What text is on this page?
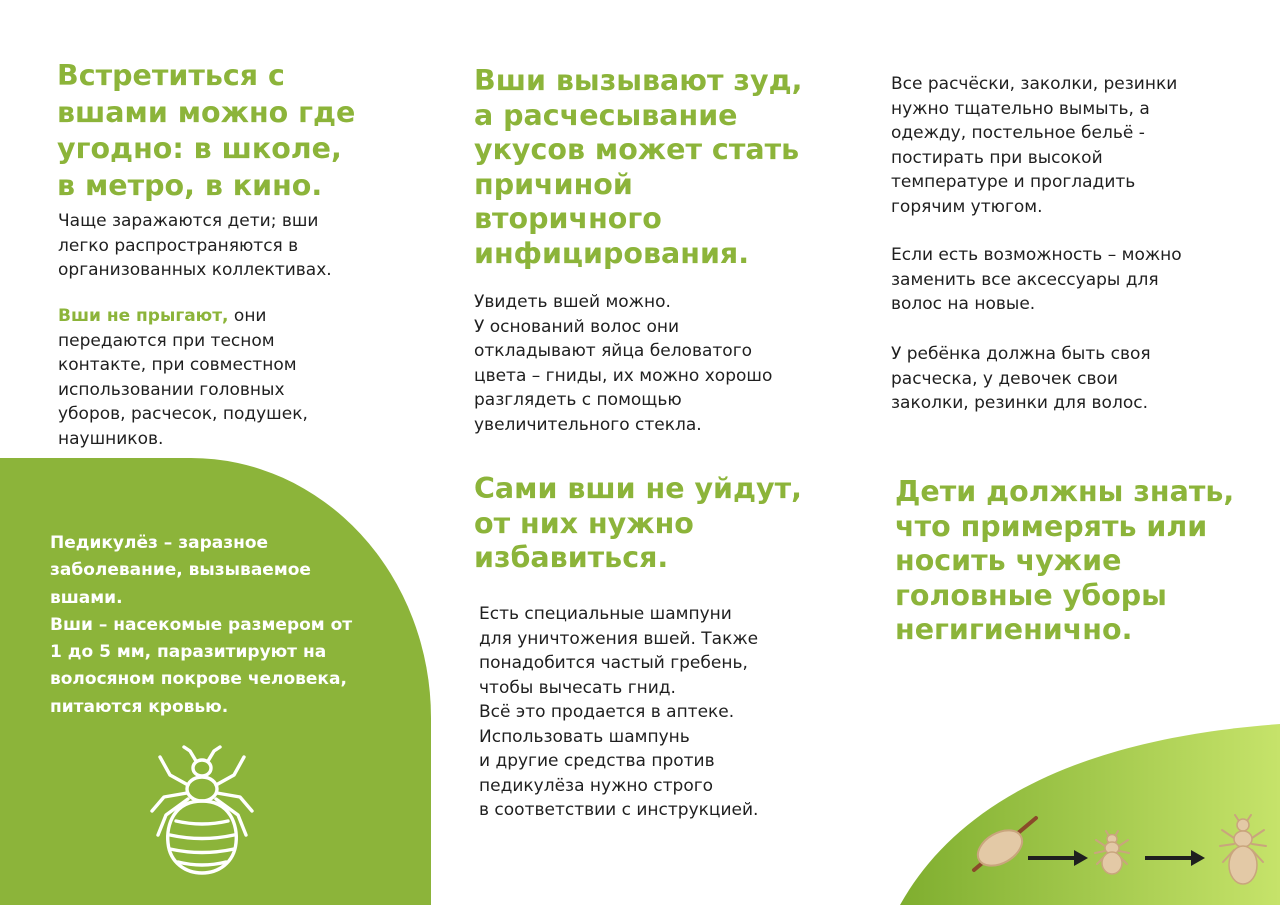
Встретиться с
вшами можно где
угодно: в школе,
в метро, в кино.

Чаще заражаются дети; вши
легко распространяются в
организованных коллективах.

Вши не прыгают, они
передаются при тесном
контакте, при совместном
использовании головных
уборов, расчесок, подушек,
наушников.

Педикулёз – заразное
заболевание, вызываемое
вшами.
Вши – насекомые размером от
1 до 5 мм, паразитируют на
волосяном покрове человека,
питаются кровью.

Вши вызывают зуд,
а расчесывание
укусов может стать
причиной
вторичного
инфицирования.

Увидеть вшей можно.
У оснований волос они
откладывают яйца беловатого
цвета – гниды, их можно хорошо
разглядеть с помощью
увеличительного стекла.

Сами вши не уйдут,
от них нужно
избавиться.

Есть специальные шампуни
для уничтожения вшей. Также
понадобится частый гребень,
чтобы вычесать гнид.
Всё это продается в аптеке.
Использовать шампунь
и другие средства против
педикулёза нужно строго
в соответствии с инструкцией.

Все расчёски, заколки, резинки
нужно тщательно вымыть, а
одежду, постельное бельё -
постирать при высокой
температуре и прогладить
горячим утюгом.

Если есть возможность – можно
заменить все аксессуары для
волос на новые.

У ребёнка должна быть своя
расческа, у девочек свои
заколки, резинки для волос.

Дети должны знать,
что примерять или
носить чужие
головные уборы
негигиенично.
